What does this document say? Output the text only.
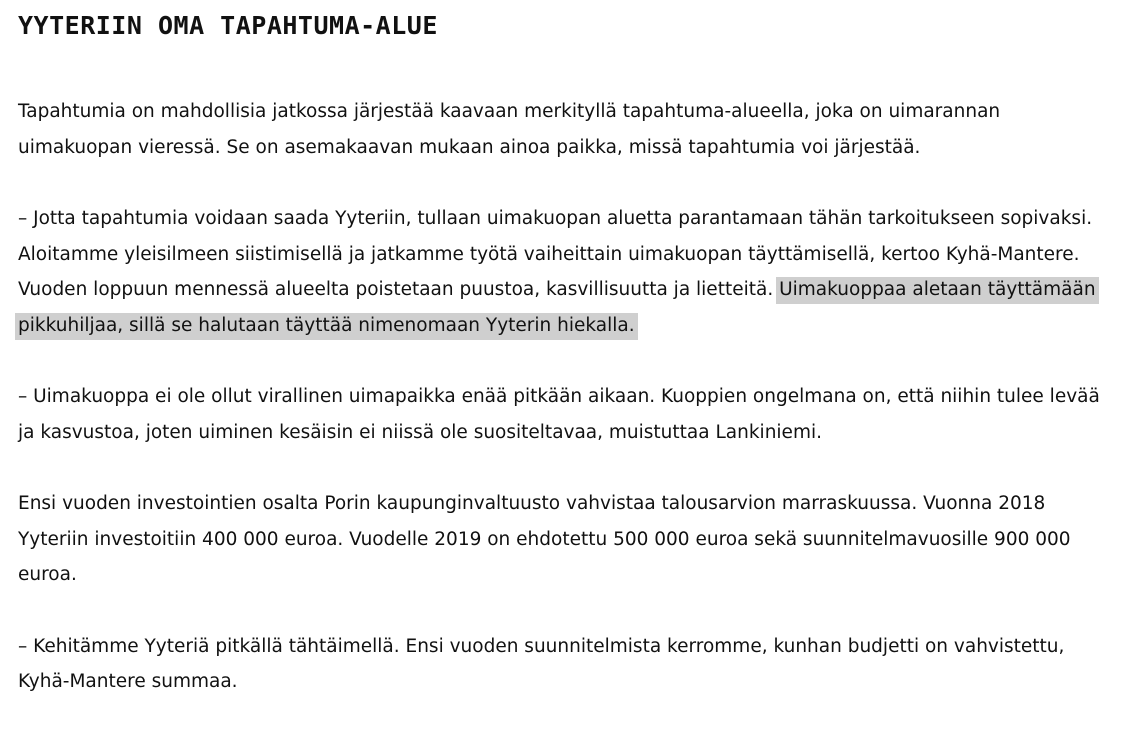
YYTERIIN OMA TAPAHTUMA-ALUE

Tapahtumia on mahdollisia jatkossa järjestää kaavaan merkityllä tapahtuma-alueella, joka on uimarannan uimakuopan vieressä. Se on asemakaavan mukaan ainoa paikka, missä tapahtumia voi järjestää.

– Jotta tapahtumia voidaan saada Yyteriin, tullaan uimakuopan aluetta parantamaan tähän tarkoitukseen sopivaksi. Aloitamme yleisilmeen siistimisellä ja jatkamme työtä vaiheittain uimakuopan täyttämisellä, kertoo Kyhä-Mantere.
Vuoden loppuun mennessä alueelta poistetaan puustoa, kasvillisuutta ja lietteitä. Uimakuoppaa aletaan täyttämään pikkuhiljaa, sillä se halutaan täyttää nimenomaan Yyterin hiekalla.

– Uimakuoppa ei ole ollut virallinen uimapaikka enää pitkään aikaan. Kuoppien ongelmana on, että niihin tulee levää ja kasvustoa, joten uiminen kesäisin ei niissä ole suositeltavaa, muistuttaa Lankiniemi.

Ensi vuoden investointien osalta Porin kaupunginvaltuusto vahvistaa talousarvion marraskuussa. Vuonna 2018 Yyteriin investoitiin 400 000 euroa. Vuodelle 2019 on ehdotettu 500 000 euroa sekä suunnitelmavuosille 900 000 euroa.

– Kehitämme Yyteriä pitkällä tähtäimellä. Ensi vuoden suunnitelmista kerromme, kunhan budjetti on vahvistettu, Kyhä-Mantere summaa.
